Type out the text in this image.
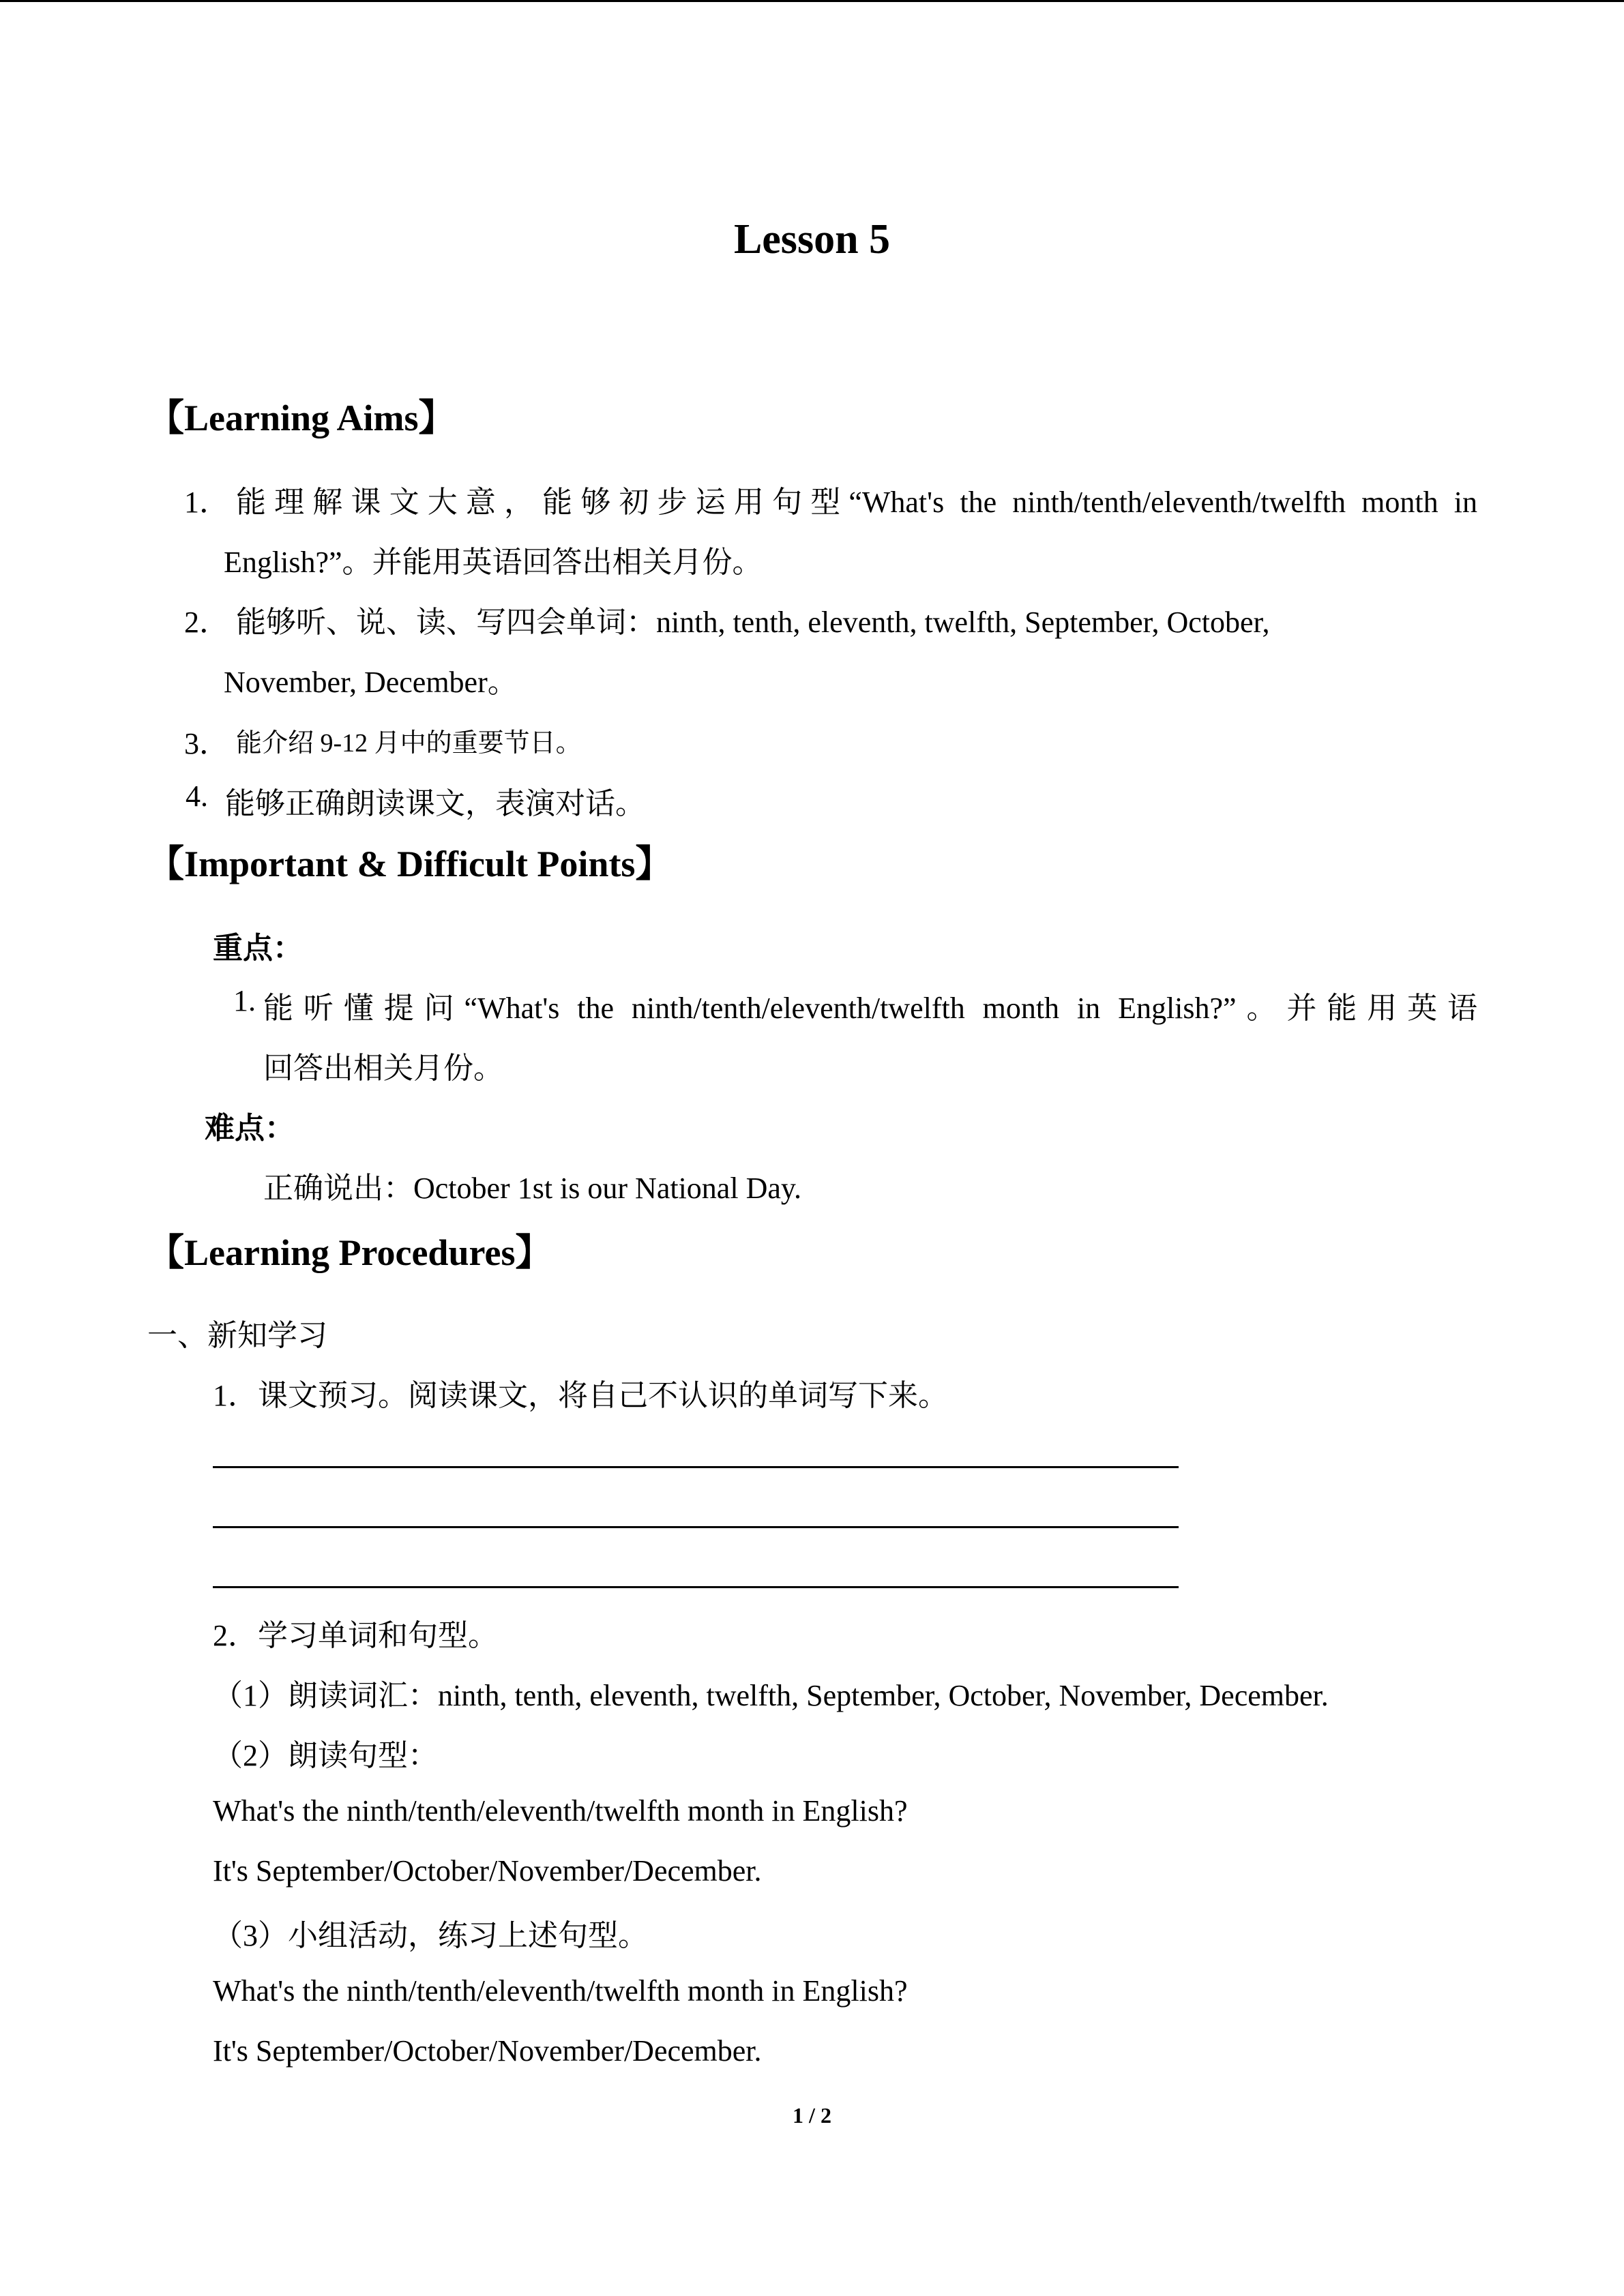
Lesson 5
【Learning Aims】
1． 能理解课文大意，能够初步运用句型“What's the ninth/tenth/eleventh/twelfth month in
English?”。并能用英语回答出相关月份。
2． 能够听、说、读、写四会单词：ninth, tenth, eleventh, twelfth, September, October,
November, December。
3． 能介绍 9-12 月中的重要节日。
4. 能够正确朗读课文，表演对话。
【Important & Difficult Points】
重点：
1. 能听懂提问“What's the ninth/tenth/eleventh/twelfth month in English?”。并能用英语
回答出相关月份。
难点：
正确说出：October 1st is our National Day.
【Learning Procedures】
一、新知学习
1．课文预习。阅读课文，将自己不认识的单词写下来。
2．学习单词和句型。
（1）朗读词汇：ninth, tenth, eleventh, twelfth, September, October, November, December.
（2）朗读句型：
What's the ninth/tenth/eleventh/twelfth month in English?
It's September/October/November/December.
（3）小组活动，练习上述句型。
What's the ninth/tenth/eleventh/twelfth month in English?
It's September/October/November/December.
1 / 2
